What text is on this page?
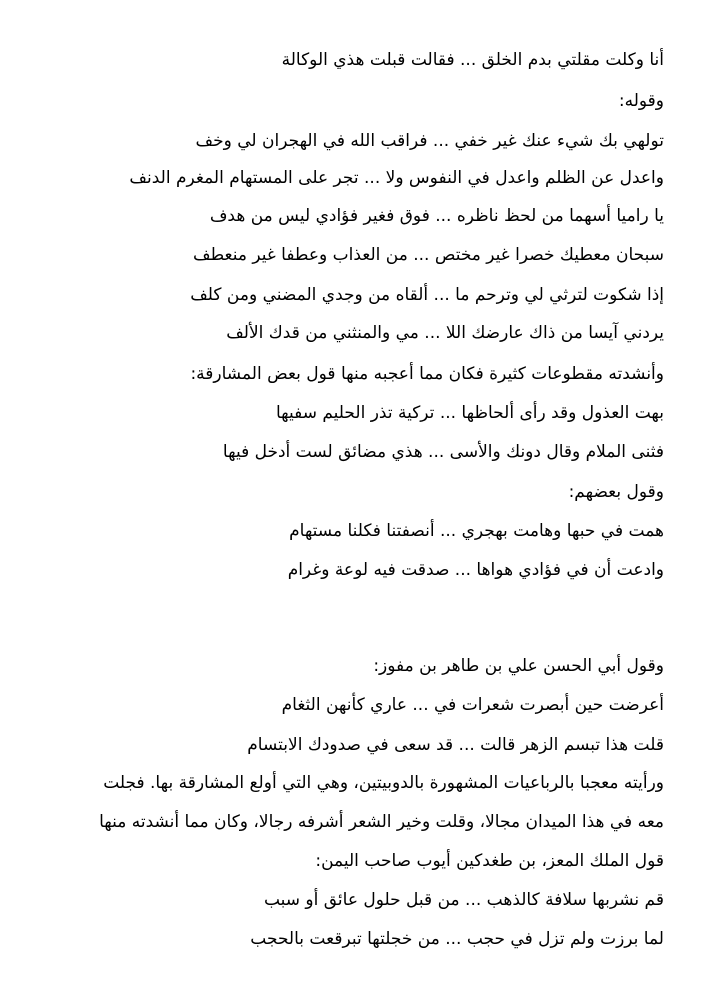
أنا وكلت مقلتي بدم الخلق ... فقالت قبلت هذي الوكالة
وقوله:
تولهي بك شيء عنك غير خفي ... فراقب الله في الهجران لي وخف
واعدل عن الظلم واعدل في النفوس ولا ... تجر على المستهام المغرم الدنف
يا راميا أسهما من لحظ ناظره ... فوق فغير فؤادي ليس من هدف
سبحان معطيك خصرا غير مختص ... من العذاب وعطفا غير منعطف
إذا شكوت لترثي لي وترحم ما ... ألقاه من وجدي المضني ومن كلف
يردني آيسا من ذاك عارضك اللا ... مي والمنثني من قدك الألف
وأنشدته مقطوعات كثيرة فكان مما أعجبه منها قول بعض المشارقة:
بهت العذول وقد رأى ألحاظها ... تركية تذر الحليم سفيها
فثنى الملام وقال دونك والأسى ... هذي مضائق لست أدخل فيها
وقول بعضهم:
همت في حبها وهامت بهجري ... أنصفتنا فكلنا مستهام
وادعت أن في فؤادي هواها ... صدقت فيه لوعة وغرام
وقول أبي الحسن علي بن طاهر بن مفوز:
أعرضت حين أبصرت شعرات في ... عاري كأنهن الثغام
قلت هذا تبسم الزهر قالت ... قد سعى في صدودك الابتسام
ورأيته معجبا بالرباعيات المشهورة بالدوبيتين، وهي التي أولع المشارقة بها. فجلت
معه في هذا الميدان مجالا، وقلت وخير الشعر أشرفه رجالا، وكان مما أنشدته منها
قول الملك المعز، بن طغدكين أيوب صاحب اليمن:
قم نشربها سلافة كالذهب ... من قبل حلول عائق أو سبب
لما برزت ولم تزل في حجب ... من خجلتها تبرقعت بالحجب
